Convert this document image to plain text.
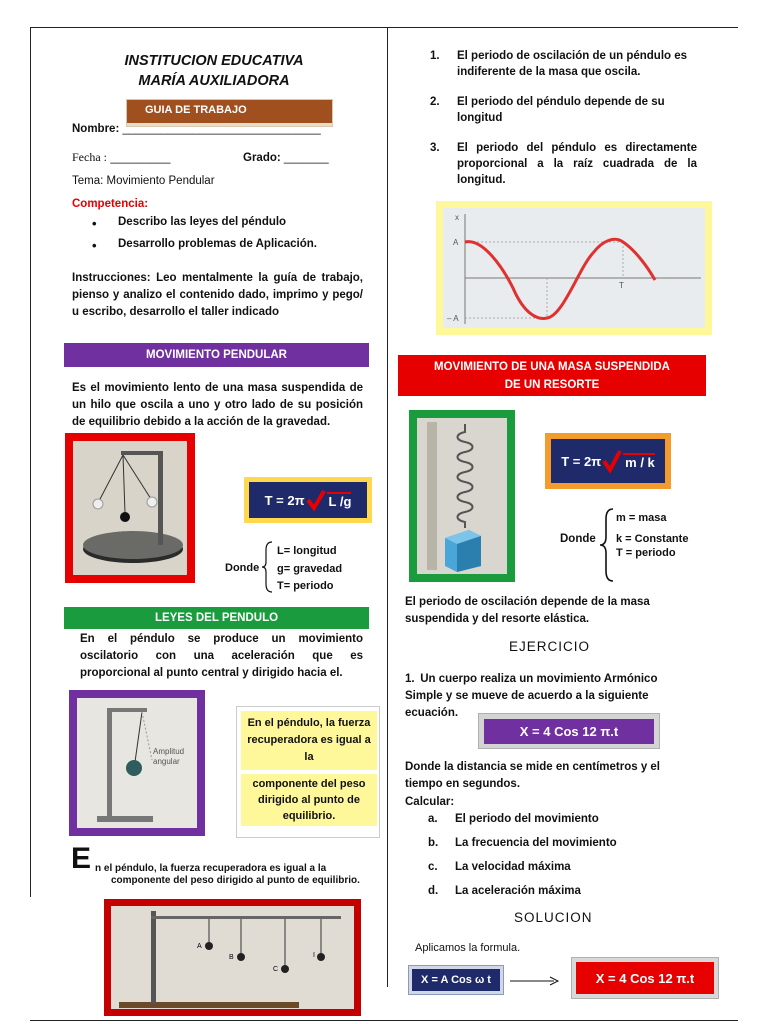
INSTITUCION EDUCATIVA
MARÍA AUXILIADORA
GUIA DE TRABAJO
Nombre: _______________________________
Fecha : _________	Grado: _______
Tema: Movimiento Pendular
Competencia:
• Describo las leyes del péndulo
• Desarrollo problemas de Aplicación.
Instrucciones: Leo mentalmente la guía de trabajo, pienso y analizo el contenido dado, imprimo y pego/ u escribo, desarrollo el taller indicado
MOVIMIENTO PENDULAR
Es el movimiento lento de una masa suspendida de un hilo que oscila a uno y otro lado de su posición de equilibrio debido a la acción de la gravedad.
T = 2π L /g
Donde
L= longitud
g= gravedad
T= periodo
LEYES DEL PENDULO
En el péndulo se produce un movimiento oscilatorio con una aceleración que es proporcional al punto central y dirigido hacia el.
Amplitud
angular
En el péndulo, la fuerza recuperadora es igual a la
componente del peso dirigido al punto de equilibrio.
E n el péndulo, la fuerza recuperadora es igual a la
componente del peso dirigido al punto de equilibrio.
A
B
C
I
1. El periodo de oscilación de un péndulo es indiferente de la masa que oscila.
2. El periodo del péndulo depende de su longitud
3. El periodo del péndulo es directamente proporcional a la raíz cuadrada de la longitud.
x
A
– A
T
MOVIMIENTO DE UNA MASA SUSPENDIDA
DE UN RESORTE
T = 2π m / k
Donde
m = masa
k = Constante
T = periodo
El periodo de oscilación depende de la masa suspendida y del resorte elástica.
EJERCICIO
1. Un cuerpo realiza un movimiento Armónico Simple y se mueve de acuerdo a la siguiente ecuación.
X = 4 Cos 12 π.t
Donde la distancia se mide en centímetros y el tiempo en segundos.
Calcular:
a. El periodo del movimiento
b. La frecuencia del movimiento
c. La velocidad máxima
d. La aceleración máxima
SOLUCION
Aplicamos la formula.
X = A Cos ω t	X = 4 Cos 12 π.t
